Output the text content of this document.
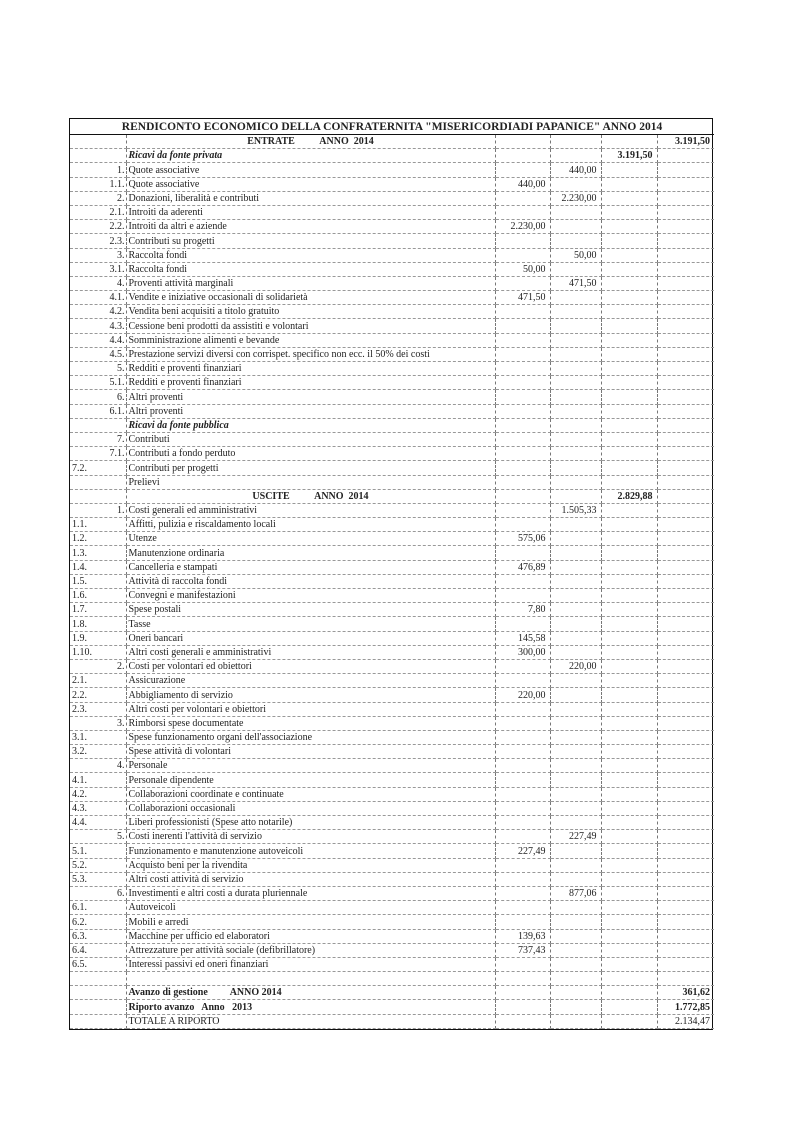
RENDICONTO ECONOMICO DELLA CONFRATERNITA "MISERICORDIADI PAPANICE" ANNO 2014					
	ENTRATE          ANNO  2014				3.191,50
	Ricavi da fonte privata			3.191,50	
1.	Quote associative		440,00		
1.1.	Quote associative	440,00			
2.	Donazioni, liberalità e contributi		2.230,00		
2.1.	Introiti da aderenti				
2.2.	Introiti da altri e aziende	2.230,00			
2.3.	Contributi su progetti				
3.	Raccolta fondi		50,00		
3.1.	Raccolta fondi	50,00			
4.	Proventi attività marginali		471,50		
4.1.	Vendite e iniziative occasionali di solidarietà	471,50			
4.2.	Vendita beni acquisiti a titolo gratuito				
4.3.	Cessione beni prodotti da assistiti e volontari				
4.4.	Somministrazione alimenti e bevande				
4.5.	Prestazione servizi diversi con corrispet. specifico non ecc. il 50% dei costi				
5.	Redditi e proventi finanziari				
5.1.	Redditi e proventi finanziari				
6.	Altri proventi				
6.1.	Altri proventi				
	Ricavi da fonte pubblica				
7.	Contributi				
7.1.	Contributi a fondo perduto				
7.2.	Contributi per progetti				
	Prelievi				
	USCITE          ANNO  2014			2.829,88	
1.	Costi generali ed amministrativi		1.505,33		
1.1.	Affitti, pulizia e riscaldamento locali				
1.2.	Utenze	575,06			
1.3.	Manutenzione ordinaria				
1.4.	Cancelleria e stampati	476,89			
1.5.	Attività di raccolta fondi				
1.6.	Convegni e manifestazioni				
1.7.	Spese postali	7,80			
1.8.	Tasse				
1.9.	Oneri bancari	145,58			
1.10.	Altri costi generali e amministrativi	300,00			
2.	Costi per volontari ed obiettori		220,00		
2.1.	Assicurazione				
2.2.	Abbigliamento di servizio	220,00			
2.3.	Altri costi per volontari e obiettori				
3.	Rimborsi spese documentate				
3.1.	Spese funzionamento organi dell'associazione				
3.2.	Spese attività di volontari				
4.	Personale				
4.1.	Personale dipendente				
4.2.	Collaborazioni coordinate e continuate				
4.3.	Collaborazioni occasionali				
4.4.	Liberi professionisti (Spese atto notarile)				
5.	Costi inerenti l'attività di servizio		227,49		
5.1.	Funzionamento e manutenzione autoveicoli	227,49			
5.2.	Acquisto beni per la rivendita				
5.3.	Altri costi attività di servizio				
6.	Investimenti e altri costi a durata pluriennale		877,06		
6.1.	Autoveicoli				
6.2.	Mobili e arredi				
6.3.	Macchine per ufficio ed elaboratori	139,63			
6.4.	Attrezzature per attività sociale (defibrillatore)	737,43			
6.5.	Interessi passivi ed oneri finanziari				

	Avanzo di gestione         ANNO 2014				361,62
	Riporto avanzo   Anno   2013				1.772,85
	TOTALE A RIPORTO				2.134,47
